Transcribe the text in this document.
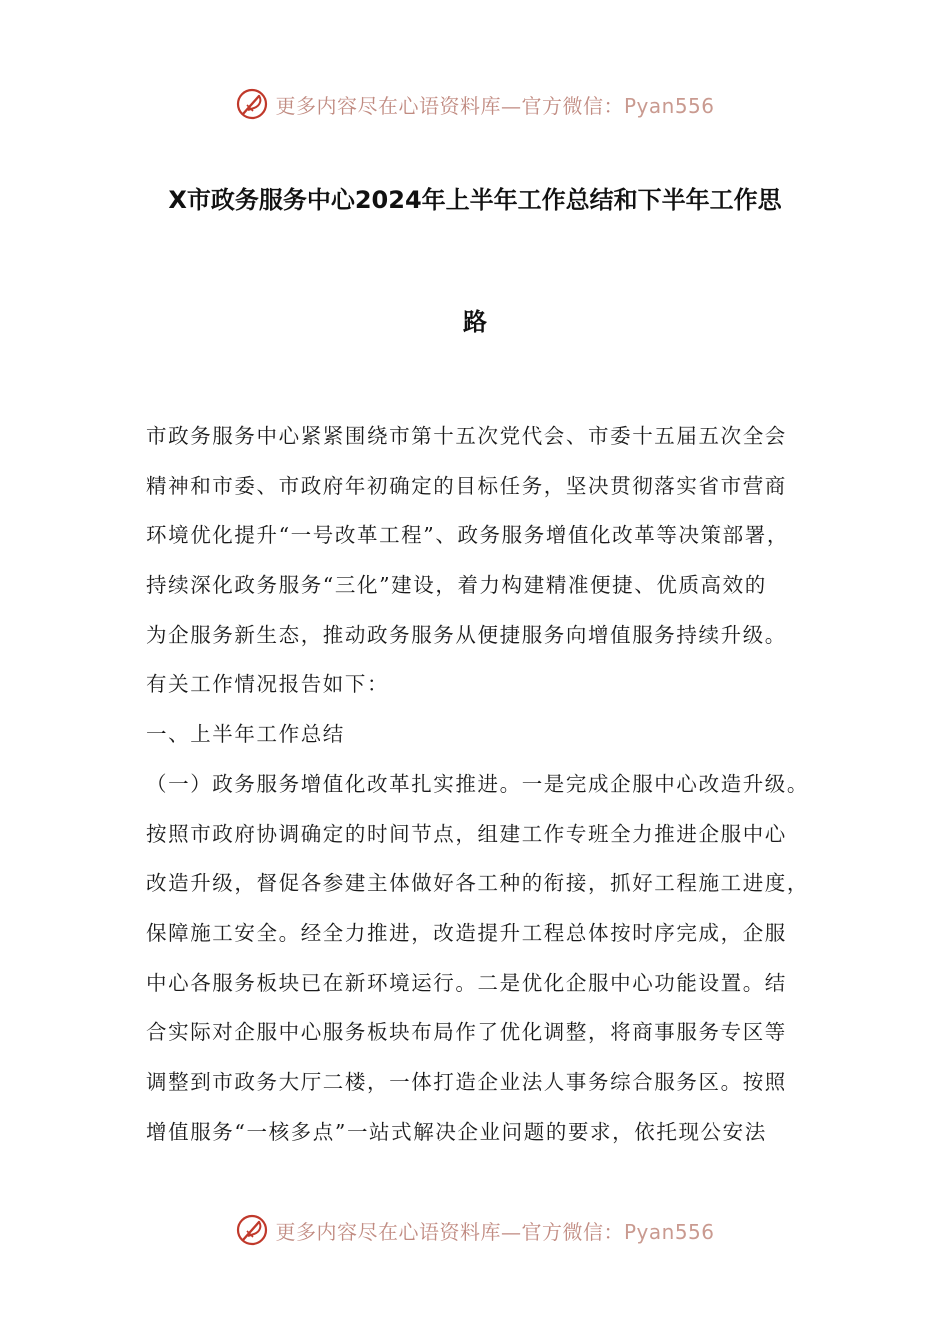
更多内容尽在心语资料库—官方微信：Pyan556
X市政务服务中心2024年上半年工作总结和下半年工作思
路
市政务服务中心紧紧围绕市第十五次党代会、市委十五届五次全会
精神和市委、市政府年初确定的目标任务，坚决贯彻落实省市营商
环境优化提升“一号改革工程”、政务服务增值化改革等决策部署，
持续深化政务服务“三化”建设，着力构建精准便捷、优质高效的
为企服务新生态，推动政务服务从便捷服务向增值服务持续升级。
有关工作情况报告如下：
一、上半年工作总结
（一）政务服务增值化改革扎实推进。一是完成企服中心改造升级。
按照市政府协调确定的时间节点，组建工作专班全力推进企服中心
改造升级，督促各参建主体做好各工种的衔接，抓好工程施工进度，
保障施工安全。经全力推进，改造提升工程总体按时序完成，企服
中心各服务板块已在新环境运行。二是优化企服中心功能设置。结
合实际对企服中心服务板块布局作了优化调整，将商事服务专区等
调整到市政务大厅二楼，一体打造企业法人事务综合服务区。按照
增值服务“一核多点”一站式解决企业问题的要求，依托现公安法
更多内容尽在心语资料库—官方微信：Pyan556
